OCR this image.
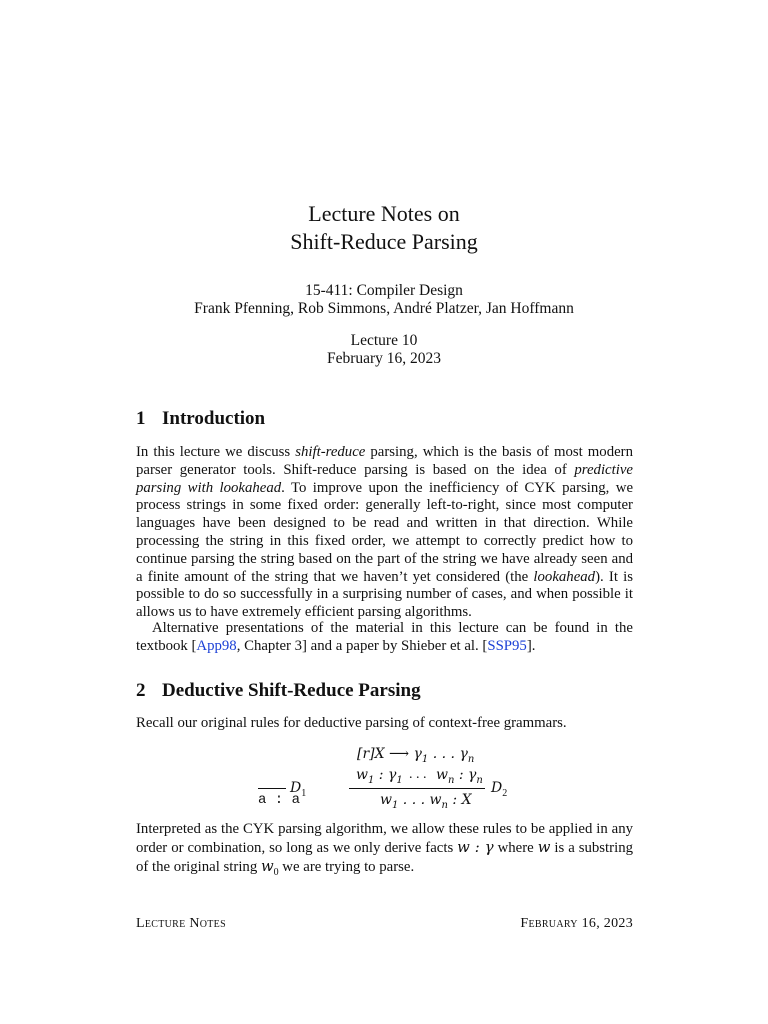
Lecture Notes on
Shift-Reduce Parsing
15-411: Compiler Design
Frank Pfenning, Rob Simmons, André Platzer, Jan Hoffmann
Lecture 10
February 16, 2023
1 Introduction

In this lecture we discuss shift-reduce parsing, which is the basis of most modern parser generator tools. Shift-reduce parsing is based on the idea of predictive parsing with lookahead. To improve upon the inefficiency of CYK parsing, we process strings in some fixed order: generally left-to-right, since most computer languages have been designed to be read and written in that direction. While processing the string in this fixed order, we attempt to correctly predict how to continue parsing the string based on the part of the string we have already seen and a finite amount of the string that we haven’t yet considered (the lookahead). It is possible to do so successfully in a surprising number of cases, and when possible it allows us to have extremely efficient parsing algorithms.

Alternative presentations of the material in this lecture can be found in the textbook [App98, Chapter 3] and a paper by Shieber et al. [SSP95].

2 Deductive Shift-Reduce Parsing

Recall our original rules for deductive parsing of context-free grammars.

a : a
$D_1$
[r]X ⟶ $\gamma_1$ . . . $\gamma_n$
$w_1$ : $\gamma_1$ . . . $w_n$ : $\gamma_n$
$w_1$ . . . $w_n$ : X
$D_2$

Interpreted as the CYK parsing algorithm, we allow these rules to be applied in any order or combination, so long as we only derive facts w : γ where w is a substring of the original string $w_0$ we are trying to parse.

Lecture Notes	February 16, 2023
